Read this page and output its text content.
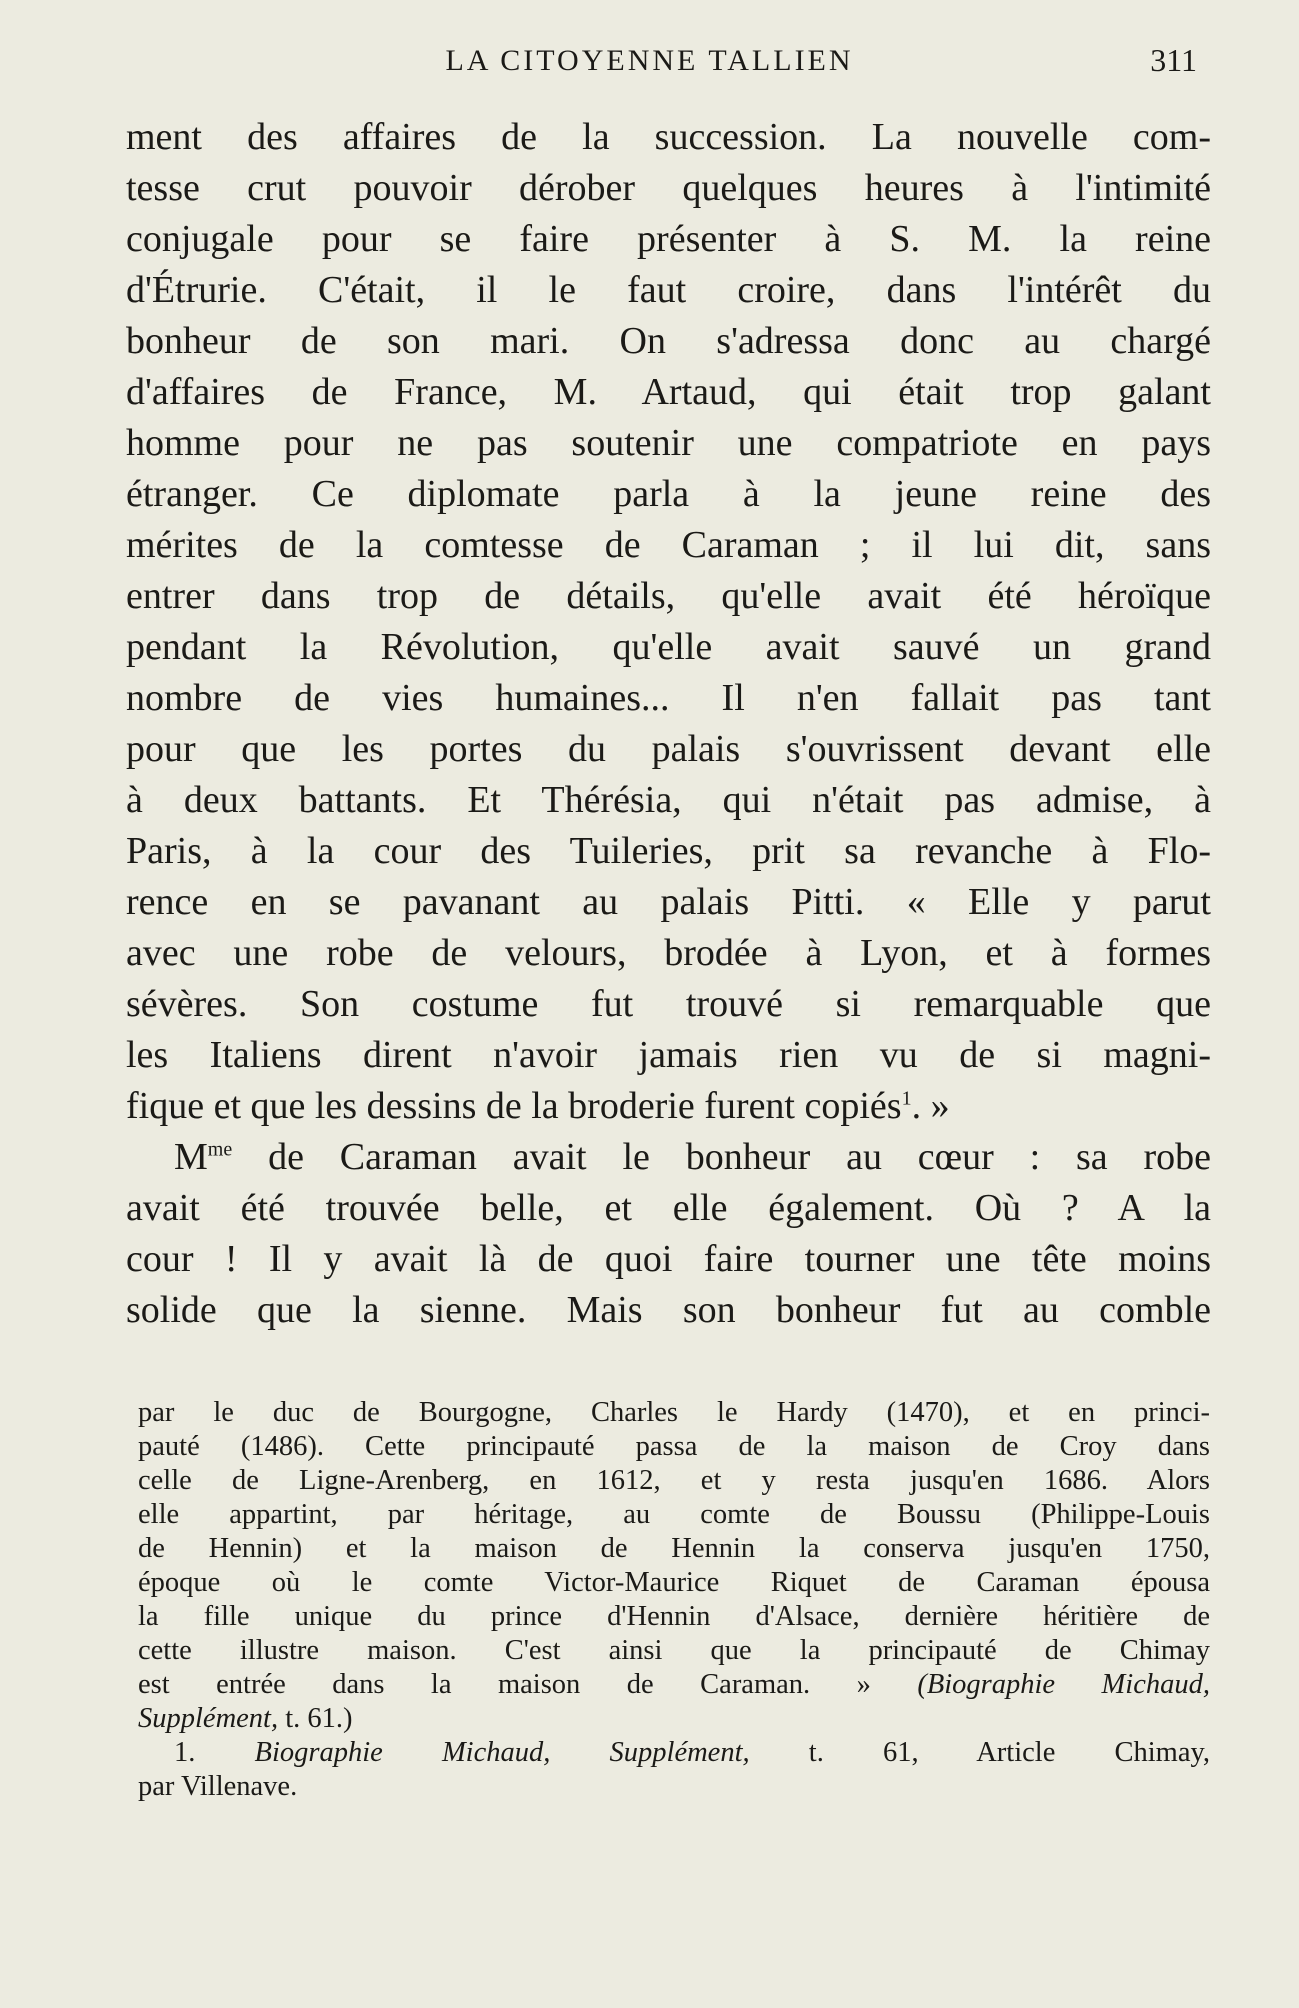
LA CITOYENNE TALLIEN	311
ment des affaires de la succession. La nouvelle com-
tesse crut pouvoir dérober quelques heures à l'intimité
conjugale pour se faire présenter à S. M. la reine
d'Étrurie. C'était, il le faut croire, dans l'intérêt du
bonheur de son mari. On s'adressa donc au chargé
d'affaires de France, M. Artaud, qui était trop galant
homme pour ne pas soutenir une compatriote en pays
étranger. Ce diplomate parla à la jeune reine des
mérites de la comtesse de Caraman ; il lui dit, sans
entrer dans trop de détails, qu'elle avait été héroïque
pendant la Révolution, qu'elle avait sauvé un grand
nombre de vies humaines... Il n'en fallait pas tant
pour que les portes du palais s'ouvrissent devant elle
à deux battants. Et Thérésia, qui n'était pas admise, à
Paris, à la cour des Tuileries, prit sa revanche à Flo-
rence en se pavanant au palais Pitti. « Elle y parut
avec une robe de velours, brodée à Lyon, et à formes
sévères. Son costume fut trouvé si remarquable que
les Italiens dirent n'avoir jamais rien vu de si magni-
fique et que les dessins de la broderie furent copiés$^1$. »
$M^{me}$ de Caraman avait le bonheur au cœur : sa robe
avait été trouvée belle, et elle également. Où ? A la
cour ! Il y avait là de quoi faire tourner une tête moins
solide que la sienne. Mais son bonheur fut au comble
par le duc de Bourgogne, Charles le Hardy (1470), et en princi-
pauté (1486). Cette principauté passa de la maison de Croy dans
celle de Ligne-Arenberg, en 1612, et y resta jusqu'en 1686. Alors
elle appartint, par héritage, au comte de Boussu (Philippe-Louis
de Hennin) et la maison de Hennin la conserva jusqu'en 1750,
époque où le comte Victor-Maurice Riquet de Caraman épousa
la fille unique du prince d'Hennin d'Alsace, dernière héritière de
cette illustre maison. C'est ainsi que la principauté de Chimay
est entrée dans la maison de Caraman. » (Biographie Michaud,
Supplément, t. 61.)
1. Biographie Michaud, Supplément, t. 61, Article Chimay,
par Villenave.
